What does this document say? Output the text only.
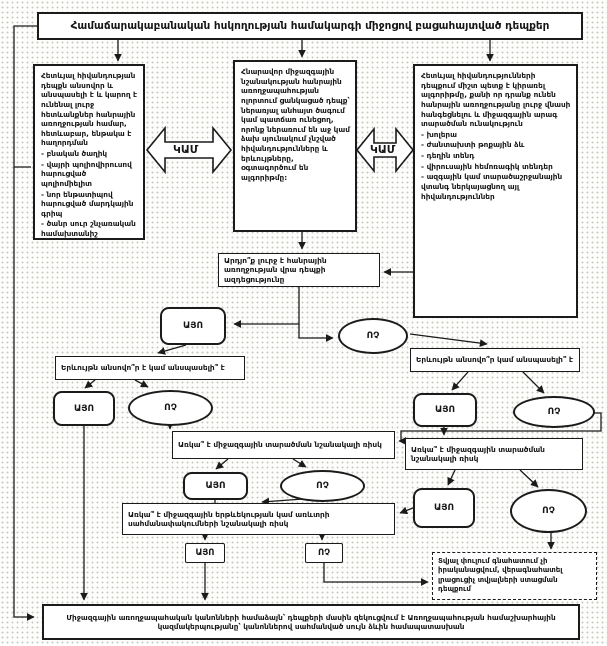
Համաճարակաբանական հսկողության համակարգի միջոցով բացահայտված դեպքեր
Հետևյալ հիվանդության դեպքն անսովոր և անսպասելի է և կարող է ունենալ լուրջ հետևանքներ հանրային առողջության համար, հետևաբար, ենթակա է հաղորդման
- բնական ծաղիկ
- վայրի պոլիովիրուսով հարուցված պոլիոմիելիտ
- նոր ենթատիպով հարուցված մարդկային գրիպ
- ծանր սուր շնչառական համախտանիշ
Հնարավոր միջազգային նշանակության հանրային առողջապահության ոլորտում ցանկացած դեպք՝ ներառյալ անհայտ ծագում կամ պատճառ ունեցող, որոնք ներառում են աջ կամ ձախ սյունակում չնշված հիվանդությունները և երևույթները, օգտագործում են ալգորիթմը:
Հետևյալ հիվանդությունների դեպքում միշտ պետք է կիրառել ալգորիթմը, քանի որ դրանք ունեն հանրային առողջությանը լուրջ վնասի հանգեցնելու և միջազգային արագ տարածման ունակություն
- խոլերա
- ժանտախտի թոքային ձև
- դեղին տենդ
- վիրուսային հեմոռագիկ տենդեր
- ազգային կամ տարածաշրջանային վտանգ ներկայացնող այլ հիվանդություններ
ԿԱՄ	ԿԱՄ
Արդյո՞ք լուրջ է հանրային առողջության վրա դեպքի ազդեցությունը
ԱՅՈ
ՈՉ
Երևույթն անսովո՞ր է կամ անսպասելի՞ է
Երևույթն անսովո՞ր կամ անսպասելի՞ է
ԱՅՈ	ՈՉ	ԱՅՈ	ՈՉ
Առկա՞ է միջազգային տարածման նշանակալի ռիսկ	Առկա՞ է միջազգային տարածման նշանակալի ռիսկ
ԱՅՈ	ՈՉ
ԱՅՈ	ՈՉ
Առկա՞ է միջազգային երթևեկության կամ առևտրի սահմանափակումների նշանակալի ռիսկ
ԱՅՈ	ՈՉ
Տվյալ փուլում գնահատում չի իրականացվում, վերագնահատել լրացուցիչ տվյալների ստացման դեպքում
Միջազգային առողջապահական կանոնների համաձայն՝ դեպքերի մասին զեկուցվում է Առողջապահության համաշխարհային կազմակերպությանը՝ կանոններով սահմանված սույն ձևին համապատասխան
